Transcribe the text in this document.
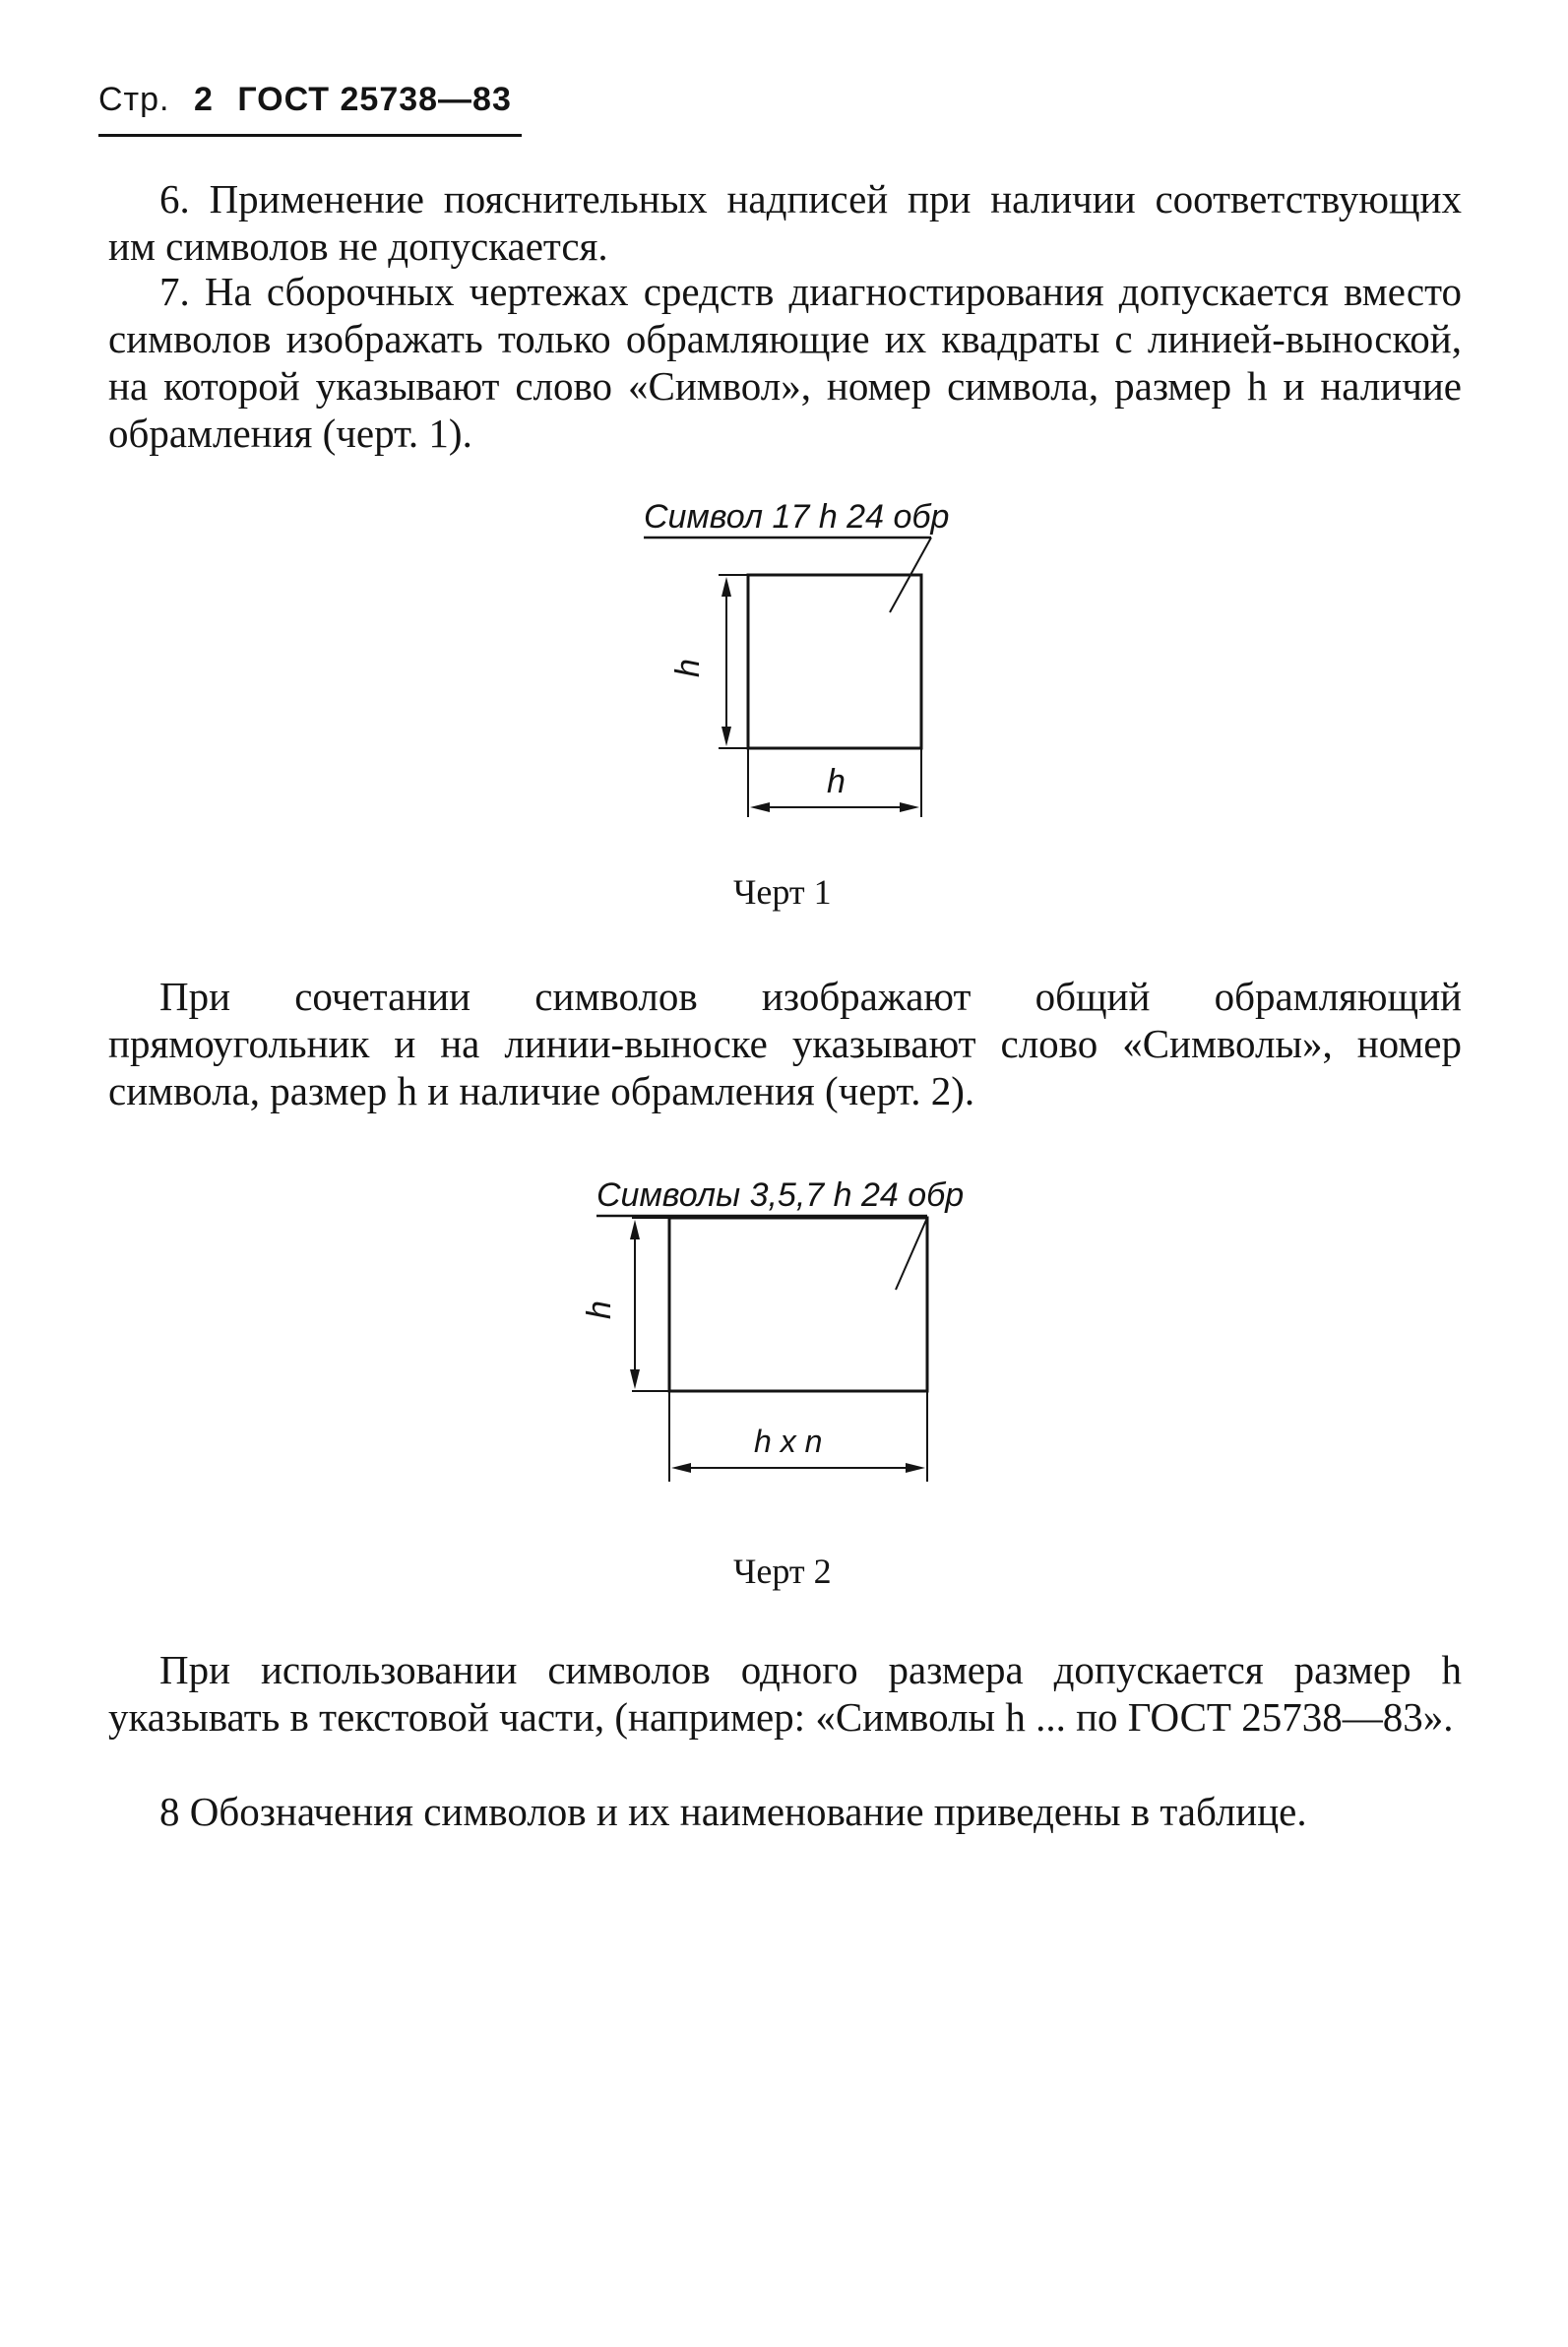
Стр. 2 ГОСТ 25738—83

6. Применение пояснительных надписей при наличии соответствующих им символов не допускается.

7. На сборочных чертежах средств диагностирования допускается вместо символов изображать только обрамляющие их квадраты с линией-выноской, на которой указывают слово «Символ», номер символа, размер h и наличие обрамления (черт. 1).

Символ 17 h 24 обр
h
h
Черт 1

При сочетании символов изображают общий обрамляющий прямоугольник и на линии-выноске указывают слово «Символы», номер символа, размер h и наличие обрамления (черт. 2).

Символы 3,5,7 h 24 обр
h
h x n
Черт 2

При использовании символов одного размера допускается размер h указывать в текстовой части, (например: «Символы h ... по ГОСТ 25738—83».

8 Обозначения символов и их наименование приведены в таблице.
